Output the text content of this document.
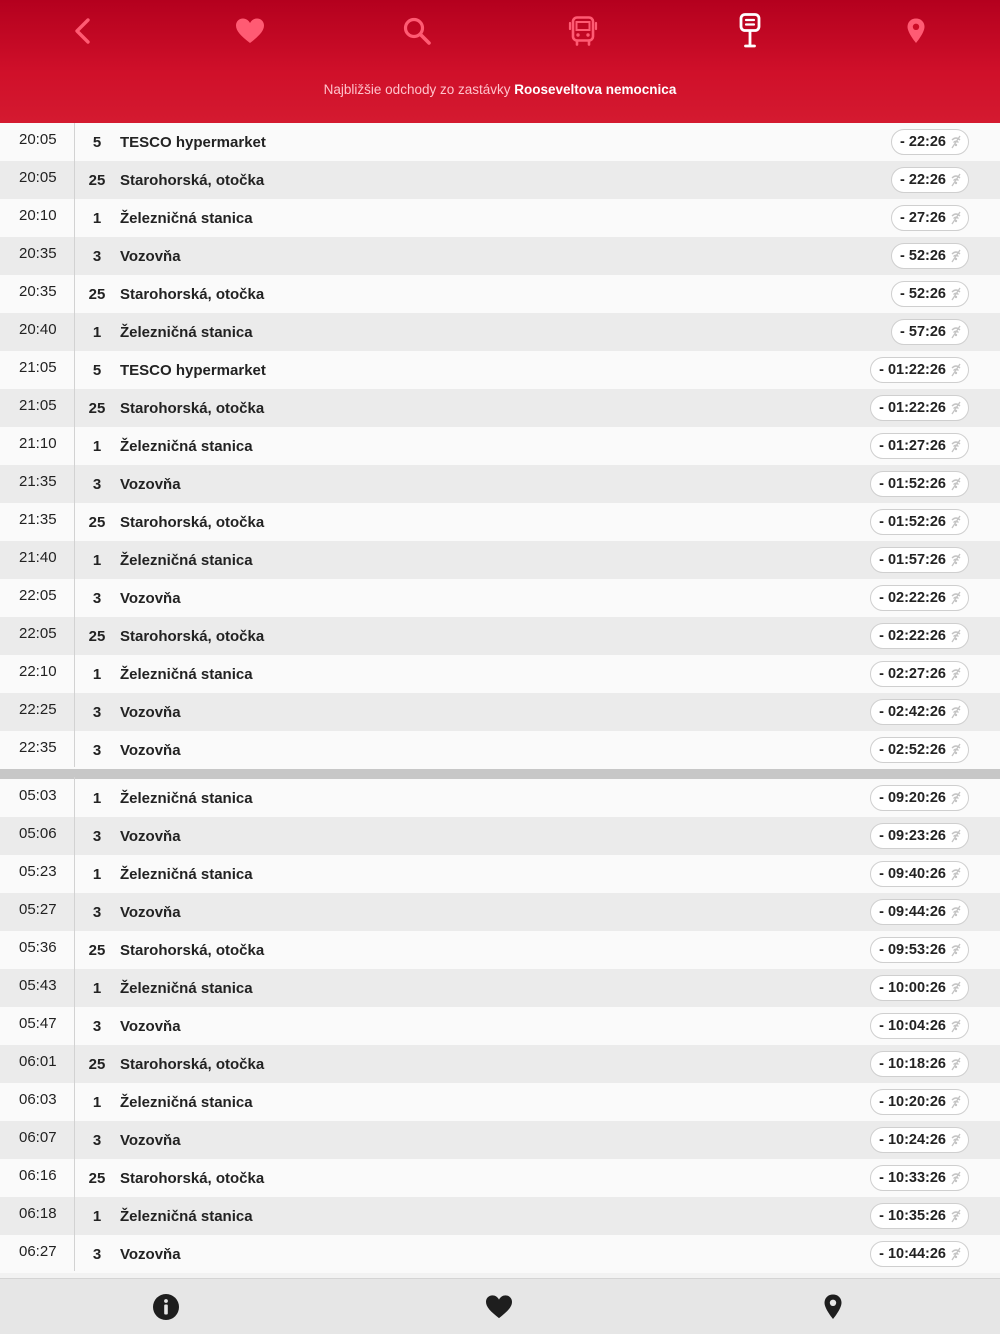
Najbližšie odchody zo zastávky Rooseveltova nemocnica
20:05	5	TESCO hypermarket	- 22:26
20:05	25 Starohorská, otočka	- 22:26
20:10	1	Železničná stanica	- 27:26
20:35	3	Vozovňa	- 52:26
20:35	25 Starohorská, otočka	- 52:26
20:40	1	Železničná stanica	- 57:26
21:05	5	TESCO hypermarket	- 01:22:26
21:05	25 Starohorská, otočka	- 01:22:26
21:10	1	Železničná stanica	- 01:27:26
21:35	3	Vozovňa	- 01:52:26
21:35	25 Starohorská, otočka	- 01:52:26
21:40	1	Železničná stanica	- 01:57:26
22:05	3	Vozovňa	- 02:22:26
22:05	25 Starohorská, otočka	- 02:22:26
22:10	1	Železničná stanica	- 02:27:26
22:25	3	Vozovňa	- 02:42:26
22:35	3	Vozovňa	- 02:52:26
05:03	1	Železničná stanica	- 09:20:26
05:06	3	Vozovňa	- 09:23:26
05:23	1	Železničná stanica	- 09:40:26
05:27	3	Vozovňa	- 09:44:26
05:36	25 Starohorská, otočka	- 09:53:26
05:43	1	Železničná stanica	- 10:00:26
05:47	3	Vozovňa	- 10:04:26
06:01	25 Starohorská, otočka	- 10:18:26
06:03	1	Železničná stanica	- 10:20:26
06:07	3	Vozovňa	- 10:24:26
06:16	25 Starohorská, otočka	- 10:33:26
06:18	1	Železničná stanica	- 10:35:26
06:27	3	Vozovňa	- 10:44:26
